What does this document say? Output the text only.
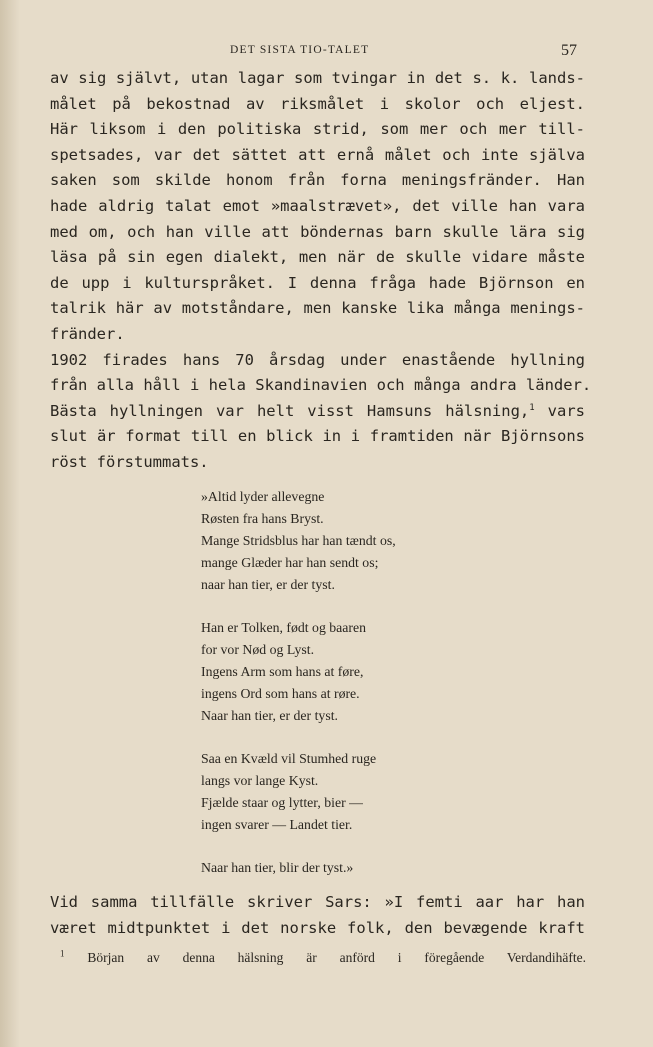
DET SISTA TIO-TALET	57
av sig självt, utan lagar som tvingar in det s. k. lands-
målet på bekostnad av riksmålet i skolor och eljest.
Här liksom i den politiska strid, som mer och mer till-
spetsades, var det sättet att ernå målet och inte själva
saken som skilde honom från forna meningsfränder. Han
hade aldrig talat emot »maalstrævet», det ville han vara
med om, och han ville att böndernas barn skulle lära sig
läsa på sin egen dialekt, men när de skulle vidare måste
de upp i kulturspråket. I denna fråga hade Björnson en
talrik här av motståndare, men kanske lika många menings-
fränder.
1902 firades hans 70 årsdag under enastående hyllning
från alla håll i hela Skandinavien och många andra länder.
Bästa hyllningen var helt visst Hamsuns hälsning,$^1$ vars
slut är format till en blick in i framtiden när Björnsons
röst förstummats.
»Altid lyder allevegne
Røsten fra hans Bryst.
Mange Stridsblus har han tændt os,
mange Glæder har han sendt os;
naar han tier, er der tyst.
Han er Tolken, født og baaren
for vor Nød og Lyst.
Ingens Arm som hans at føre,
ingens Ord som hans at røre.
Naar han tier, er der tyst.
Saa en Kvæld vil Stumhed ruge
langs vor lange Kyst.
Fjælde staar og lytter, bier —
ingen svarer — Landet tier.
Naar han tier, blir der tyst.»
Vid samma tillfälle skriver Sars: »I femti aar har han
været midtpunktet i det norske folk, den bevægende kraft
$^1$ Början av denna hälsning är anförd i föregående Verdandihäfte.
